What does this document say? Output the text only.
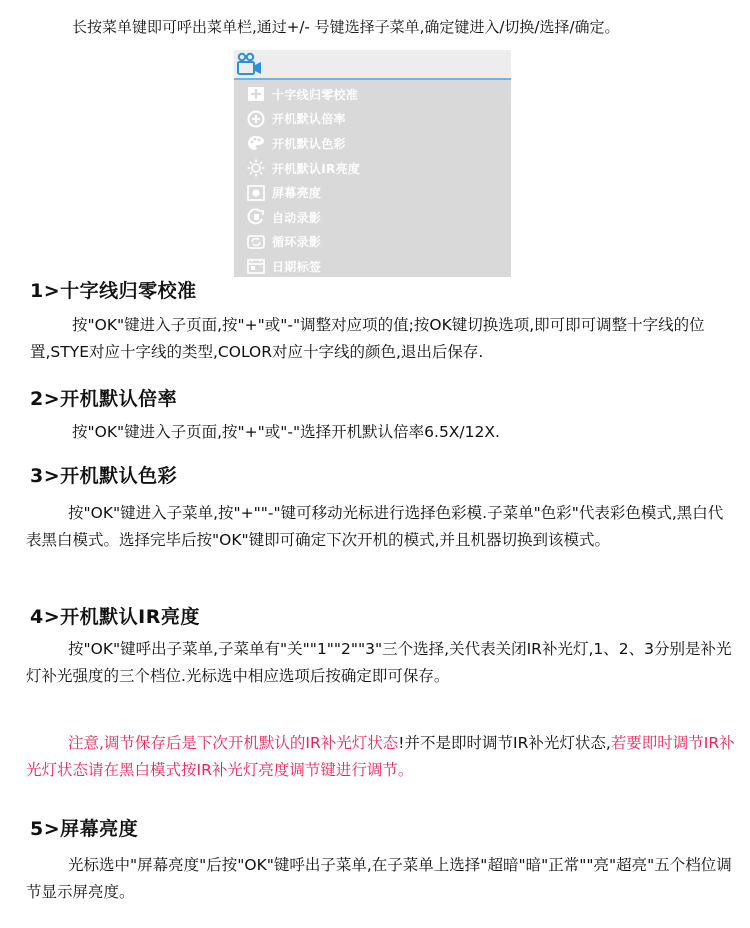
长按菜单键即可呼出菜单栏,通过+/- 号键选择子菜单,确定键进入/切换/选择/确定。

十字线归零校准
开机默认倍率
开机默认色彩
开机默认IR亮度
屏幕亮度
自动录影
循环录影
日期标签
1>十字线归零校准

按"OK"键进入子页面,按"+"或"-"调整对应项的值;按OK键切换选项,即可即可调整十字线的位置,STYE对应十字线的类型,COLOR对应十字线的颜色,退出后保存.

2>开机默认倍率

按"OK"键进入子页面,按"+"或"-"选择开机默认倍率6.5X/12X.

3>开机默认色彩

按"OK"键进入子菜单,按"+""-"键可移动光标进行选择色彩模.子菜单"色彩"代表彩色模式,黑白代表黑白模式。选择完毕后按"OK"键即可确定下次开机的模式,并且机器切换到该模式。

4>开机默认IR亮度

按"OK"键呼出子菜单,子菜单有"关""1""2""3"三个选择,关代表关闭IR补光灯,1、2、3分别是补光灯补光强度的三个档位.光标选中相应选项后按确定即可保存。

注意,调节保存后是下次开机默认的IR补光灯状态!并不是即时调节IR补光灯状态,若要即时调节IR补光灯状态请在黑白模式按IR补光灯亮度调节键进行调节。

5>屏幕亮度

光标选中"屏幕亮度"后按"OK"键呼出子菜单,在子菜单上选择"超暗"暗"正常""亮"超亮"五个档位调节显示屏亮度。
